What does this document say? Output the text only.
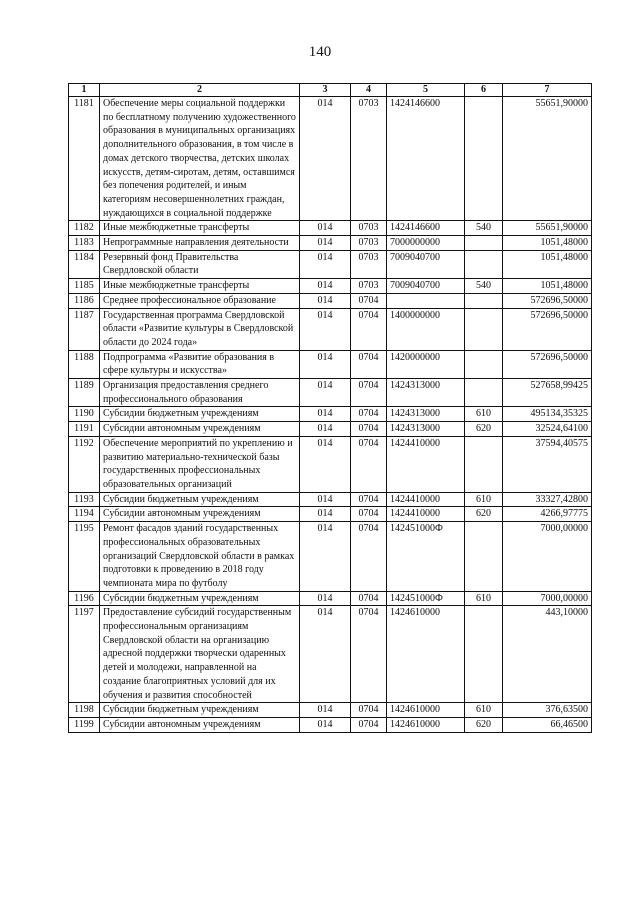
140
1	2	3	4	5	6	7
1181	Обеспечение меры социальной поддержки по бесплатному получению художественного образования в муниципальных организациях дополнительного образования, в том числе в домах детского творчества, детских школах искусств, детям-сиротам, детям, оставшимся без попечения родителей, и иным категориям несовершеннолетних граждан, нуждающихся в социальной поддержке	014	0703	1424146600		55651,90000
1182	Иные межбюджетные трансферты	014	0703	1424146600	540	55651,90000
1183	Непрограммные направления деятельности	014	0703	7000000000		1051,48000
1184	Резервный фонд Правительства Свердловской области	014	0703	7009040700		1051,48000
1185	Иные межбюджетные трансферты	014	0703	7009040700	540	1051,48000
1186	Среднее профессиональное образование	014	0704			572696,50000
1187	Государственная программа Свердловской области «Развитие культуры в Свердловской области до 2024 года»	014	0704	1400000000		572696,50000
1188	Подпрограмма «Развитие образования в сфере культуры и искусства»	014	0704	1420000000		572696,50000
1189	Организация предоставления среднего профессионального образования	014	0704	1424313000		527658,99425
1190	Субсидии бюджетным учреждениям	014	0704	1424313000	610	495134,35325
1191	Субсидии автономным учреждениям	014	0704	1424313000	620	32524,64100
1192	Обеспечение мероприятий по укреплению и развитию материально-технической базы государственных профессиональных образовательных организаций	014	0704	1424410000		37594,40575
1193	Субсидии бюджетным учреждениям	014	0704	1424410000	610	33327,42800
1194	Субсидии автономным учреждениям	014	0704	1424410000	620	4266,97775
1195	Ремонт фасадов зданий государственных профессиональных образовательных организаций Свердловской области в рамках подготовки к проведению в 2018 году чемпионата мира по футболу	014	0704	142451000Ф		7000,00000
1196	Субсидии бюджетным учреждениям	014	0704	142451000Ф	610	7000,00000
1197	Предоставление субсидий государственным профессиональным организациям Свердловской области на организацию адресной поддержки творчески одаренных детей и молодежи, направленной на создание благоприятных условий для их обучения и развития способностей	014	0704	1424610000		443,10000
1198	Субсидии бюджетным учреждениям	014	0704	1424610000	610	376,63500
1199	Субсидии автономным учреждениям	014	0704	1424610000	620	66,46500
